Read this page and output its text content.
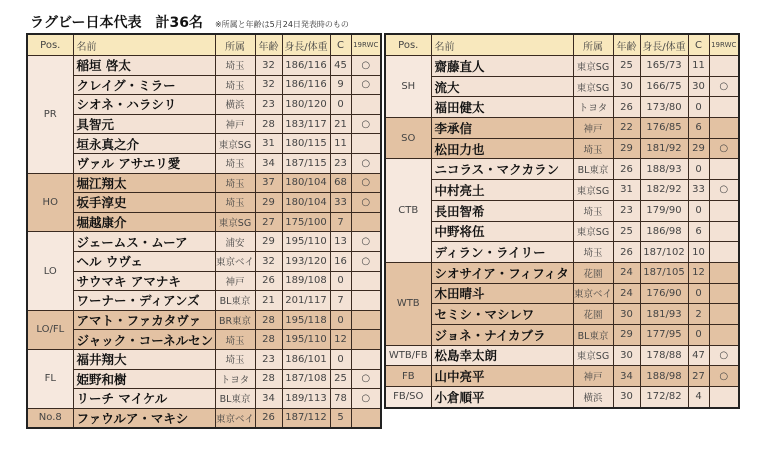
ラグビー日本代表 計36名 ※所属と年齢は5月24日発表時のもの
Pos.	名前	所属	年齢	身長/体重	C	19RWC
PR	稲垣 啓太	埼玉	32	186/116	45	○
	クレイグ・ミラー	埼玉	32	186/116	9	○
	シオネ・ハラシリ	横浜	23	180/120	0	
	具智元	神戸	28	183/117	21	○
	垣永真之介	東京SG	31	180/115	11	
	ヴァル アサエリ愛	埼玉	34	187/115	23	○
HO	堀江翔太	埼玉	37	180/104	68	○
	坂手淳史	埼玉	29	180/104	33	○
	堀越康介	東京SG	27	175/100	7	
LO	ジェームス・ムーア	浦安	29	195/110	13	○
	ヘル ウヴェ	東京ベイ	32	193/120	16	○
	サウマキ アマナキ	神戸	26	189/108	0	
	ワーナー・ディアンズ	BL東京	21	201/117	7	
LO/FL	アマト・ファカタヴァ	BR東京	28	195/118	0	
	ジャック・コーネルセン	埼玉	28	195/110	12	
FL	福井翔大	埼玉	23	186/101	0	
	姫野和樹	トヨタ	28	187/108	25	○
	リーチ マイケル	BL東京	34	189/113	78	○
No.8	ファウルア・マキシ	東京ベイ	26	187/112	5	
Pos.	名前	所属	年齢	身長/体重	C	19RWC
SH	齋藤直人	東京SG	25	165/73	11	
	流大	東京SG	30	166/75	30	○
	福田健太	トヨタ	26	173/80	0	
SO	李承信	神戸	22	176/85	6	
	松田力也	埼玉	29	181/92	29	○
CTB	ニコラス・マクカラン	BL東京	26	188/93	0	
	中村亮土	東京SG	31	182/92	33	○
	長田智希	埼玉	23	179/90	0	
	中野将伍	東京SG	25	186/98	6	
	ディラン・ライリー	埼玉	26	187/102	10	
WTB	シオサイア・フィフィタ	花園	24	187/105	12	
	木田晴斗	東京ベイ	24	176/90	0	
	セミシ・マシレワ	花園	30	181/93	2	
	ジョネ・ナイカブラ	BL東京	29	177/95	0	
WTB/FB	松島幸太朗	東京SG	30	178/88	47	○
FB	山中亮平	神戸	34	188/98	27	○
FB/SO	小倉順平	横浜	30	172/82	4	
